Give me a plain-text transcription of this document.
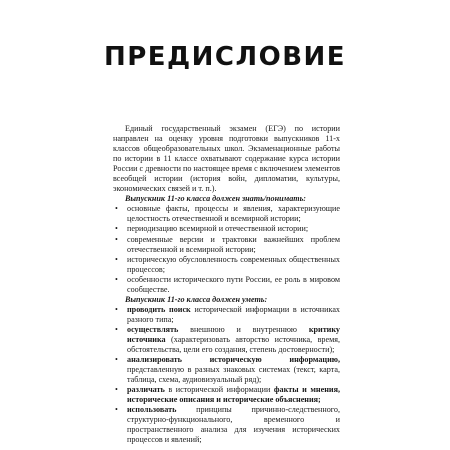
ПРЕДИСЛОВИЕ

Единый государственный экзамен (ЕГЭ) по истории направлен на оценку уровня подготовки выпускников 11-х классов общеобразовательных школ. Экзаменационные работы по истории в 11 классе охватывают содержание курса истории России с древности по настоящее время с включением элементов всеобщей истории (история войн, дипломатии, культуры, экономических связей и т. п.).

Выпускник 11-го класса должен знать/понимать:

• основные факты, процессы и явления, характеризующие целостность отечественной и всемирной истории;
• периодизацию всемирной и отечественной истории;
• современные версии и трактовки важнейших проблем отечественной и всемирной истории;
• историческую обусловленность современных общественных процессов;
• особенности исторического пути России, ее роль в мировом сообществе.

Выпускник 11-го класса должен уметь:

• проводить поиск исторической информации в источниках разного типа;
• осуществлять внешнюю и внутреннюю критику источника (характеризовать авторство источника, время, обстоятельства, цели его создания, степень достоверности);
• анализировать историческую информацию, представленную в разных знаковых системах (текст, карта, таблица, схема, аудиовизуальный ряд);
• различать в исторической информации факты и мнения, исторические описания и исторические объяснения;
• использовать принципы причинно-следственного, структурно-функционального, временного и пространственного анализа для изучения исторических процессов и явлений;
